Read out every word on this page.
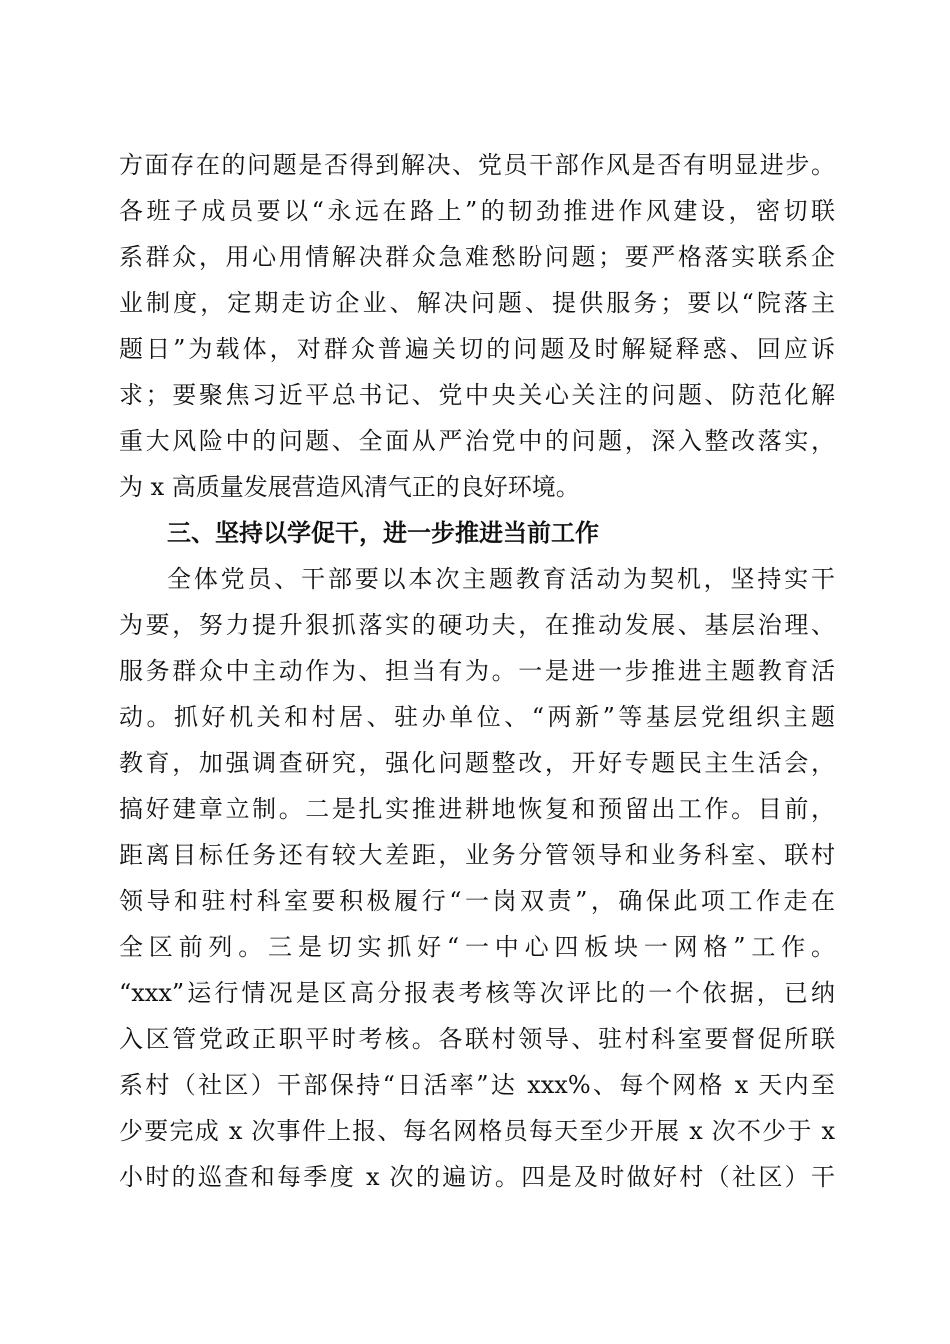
方面存在的问题是否得到解决、党员干部作风是否有明显进步。
各班子成员要以“永远在路上”的韧劲推进作风建设，密切联
系群众，用心用情解决群众急难愁盼问题；要严格落实联系企
业制度，定期走访企业、解决问题、提供服务；要以“院落主
题日”为载体，对群众普遍关切的问题及时解疑释惑、回应诉
求；要聚焦习近平总书记、党中央关心关注的问题、防范化解
重大风险中的问题、全面从严治党中的问题，深入整改落实，
为 x 高质量发展营造风清气正的良好环境。
三、坚持以学促干，进一步推进当前工作
全体党员、干部要以本次主题教育活动为契机，坚持实干
为要，努力提升狠抓落实的硬功夫，在推动发展、基层治理、
服务群众中主动作为、担当有为。一是进一步推进主题教育活
动。抓好机关和村居、驻办单位、“两新”等基层党组织主题
教育，加强调查研究，强化问题整改，开好专题民主生活会，
搞好建章立制。二是扎实推进耕地恢复和预留出工作。目前，
距离目标任务还有较大差距，业务分管领导和业务科室、联村
领导和驻村科室要积极履行“一岗双责”，确保此项工作走在
全区前列。三是切实抓好“一中心四板块一网格”工作。
“xxx”运行情况是区高分报表考核等次评比的一个依据，已纳
入区管党政正职平时考核。各联村领导、驻村科室要督促所联
系村（社区）干部保持“日活率”达 xxx%、每个网格 x 天内至
少要完成 x 次事件上报、每名网格员每天至少开展 x 次不少于 x
小时的巡查和每季度 x 次的遍访。四是及时做好村（社区）干
